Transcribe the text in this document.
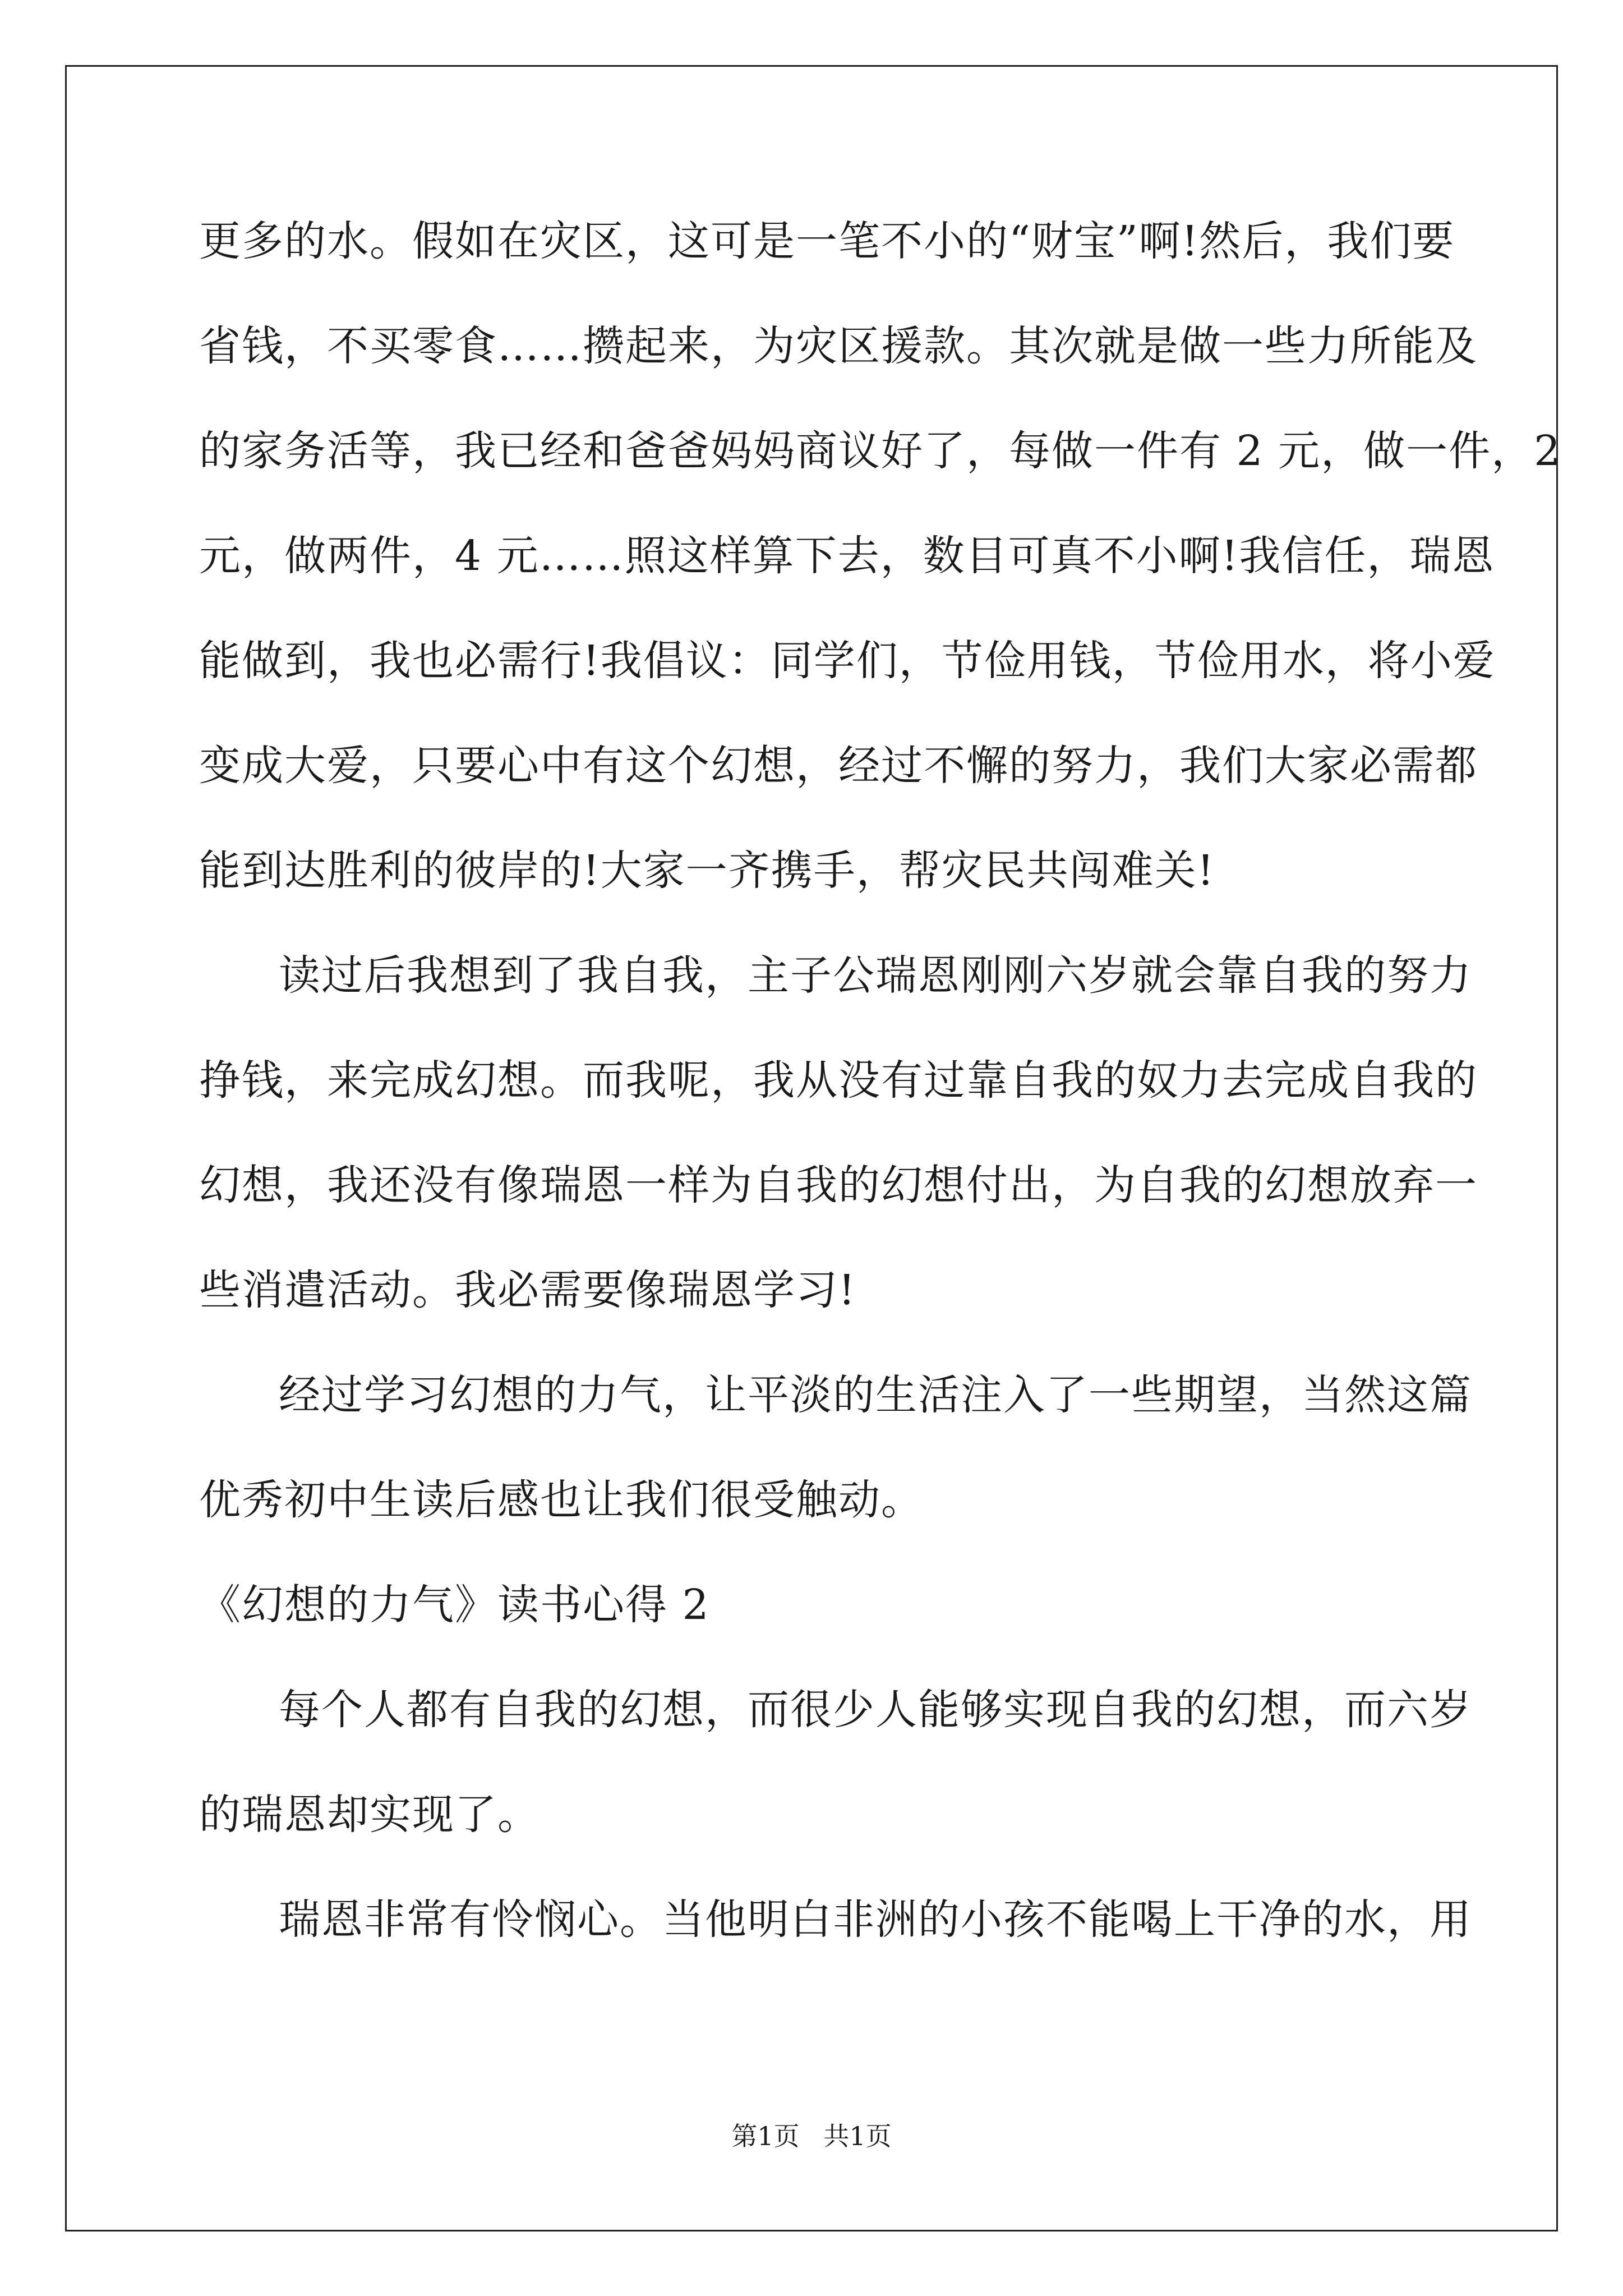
更多的水。假如在灾区，这可是一笔不小的“财宝”啊!然后，我们要
省钱，不买零食……攒起来，为灾区援款。其次就是做一些力所能及
的家务活等，我已经和爸爸妈妈商议好了，每做一件有 2 元，做一件，2
元，做两件，4 元……照这样算下去，数目可真不小啊!我信任，瑞恩
能做到，我也必需行!我倡议：同学们，节俭用钱，节俭用水，将小爱
变成大爱，只要心中有这个幻想，经过不懈的努力，我们大家必需都
能到达胜利的彼岸的!大家一齐携手，帮灾民共闯难关!
读过后我想到了我自我，主子公瑞恩刚刚六岁就会靠自我的努力
挣钱，来完成幻想。而我呢，我从没有过靠自我的奴力去完成自我的
幻想，我还没有像瑞恩一样为自我的幻想付出，为自我的幻想放弃一
些消遣活动。我必需要像瑞恩学习!
经过学习幻想的力气，让平淡的生活注入了一些期望，当然这篇
优秀初中生读后感也让我们很受触动。
《幻想的力气》读书心得 2
每个人都有自我的幻想，而很少人能够实现自我的幻想，而六岁
的瑞恩却实现了。
瑞恩非常有怜悯心。当他明白非洲的小孩不能喝上干净的水，用
第1页 共1页
